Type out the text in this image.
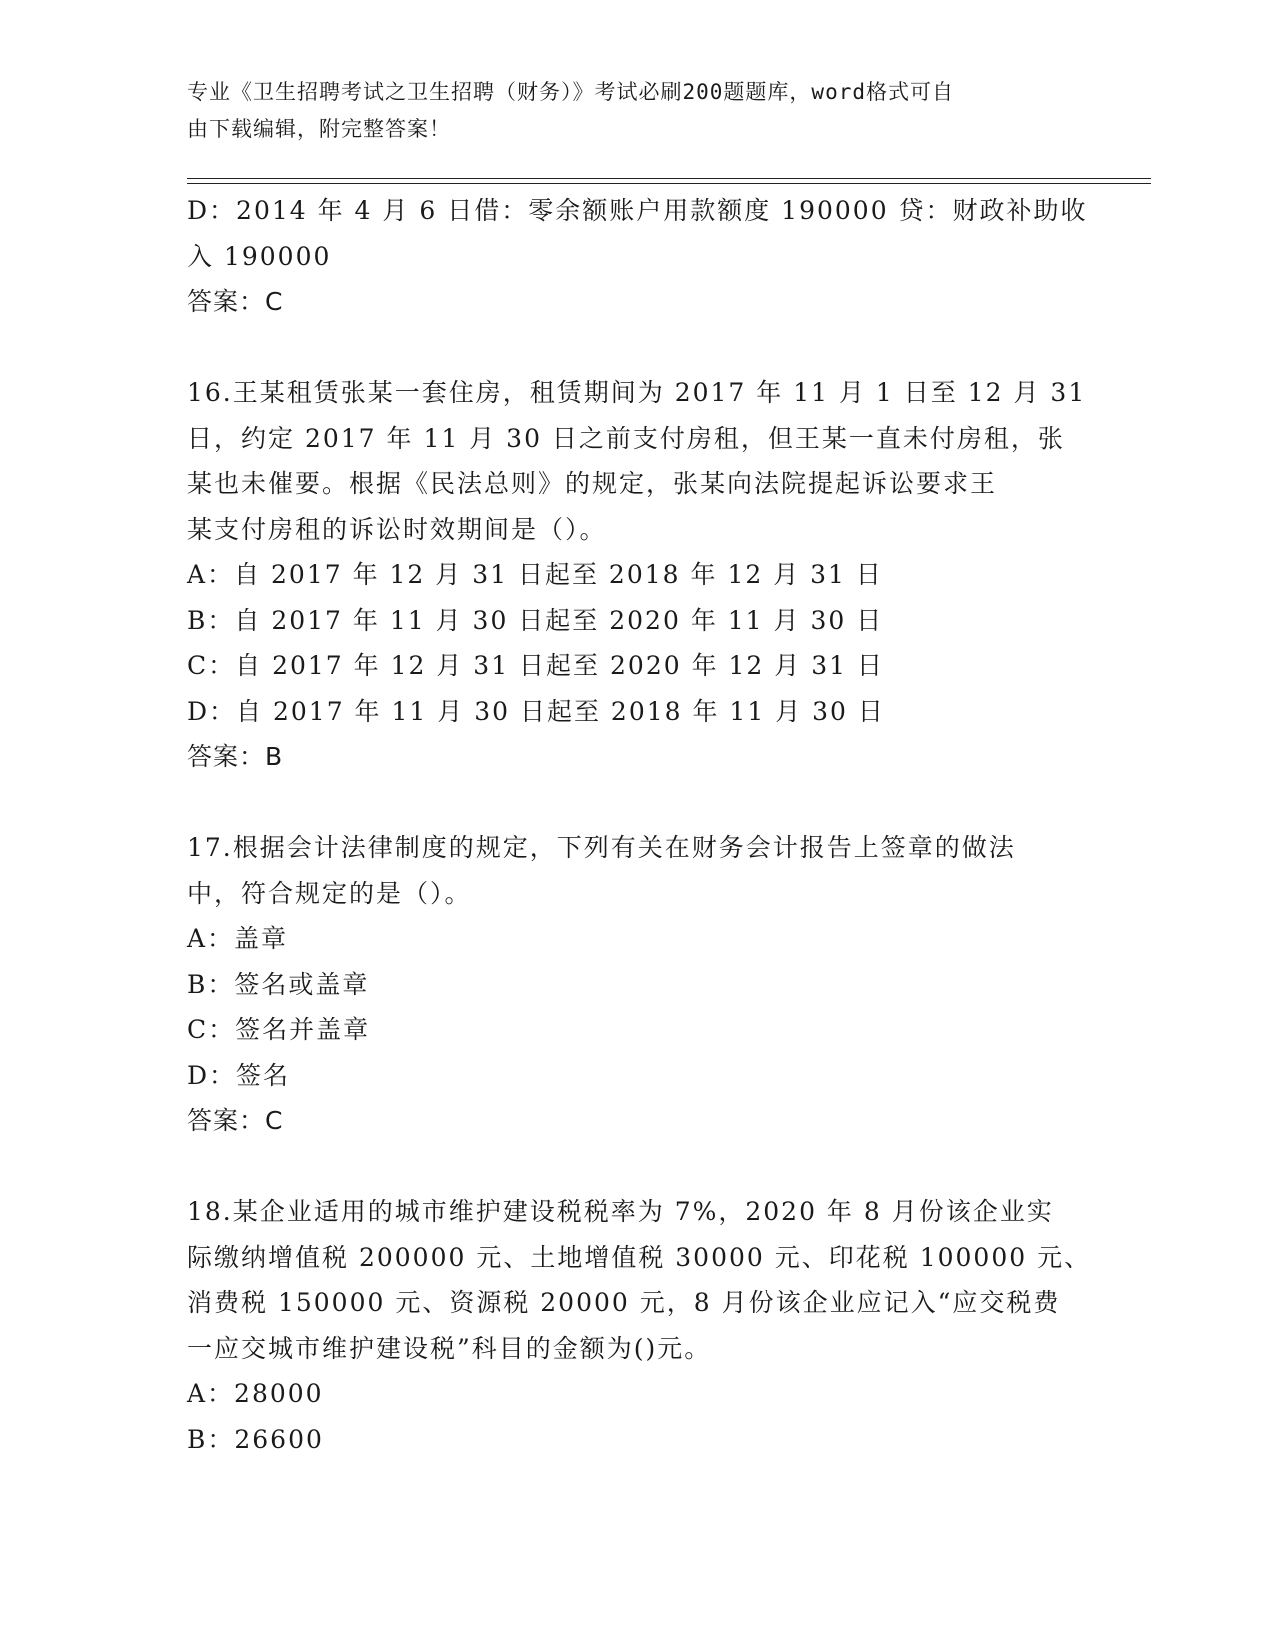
专业《卫生招聘考试之卫生招聘（财务）》考试必刷200题题库，word格式可自
由下载编辑，附完整答案！
D：2014 年 4 月 6 日借：零余额账户用款额度 190000 贷：财政补助收
入 190000
答案：C
16.王某租赁张某一套住房，租赁期间为 2017 年 11 月 1 日至 12 月 31
日，约定 2017 年 11 月 30 日之前支付房租，但王某一直未付房租，张
某也未催要。根据《民法总则》的规定，张某向法院提起诉讼要求王
某支付房租的诉讼时效期间是（）。
A：自 2017 年 12 月 31 日起至 2018 年 12 月 31 日
B：自 2017 年 11 月 30 日起至 2020 年 11 月 30 日
C：自 2017 年 12 月 31 日起至 2020 年 12 月 31 日
D：自 2017 年 11 月 30 日起至 2018 年 11 月 30 日
答案：B
17.根据会计法律制度的规定，下列有关在财务会计报告上签章的做法
中，符合规定的是（）。
A：盖章
B：签名或盖章
C：签名并盖章
D：签名
答案：C
18.某企业适用的城市维护建设税税率为 7%，2020 年 8 月份该企业实
际缴纳增值税 200000 元、土地增值税 30000 元、印花税 100000 元、
消费税 150000 元、资源税 20000 元，8 月份该企业应记入“应交税费
一应交城市维护建设税”科目的金额为()元。
A：28000
B：26600
